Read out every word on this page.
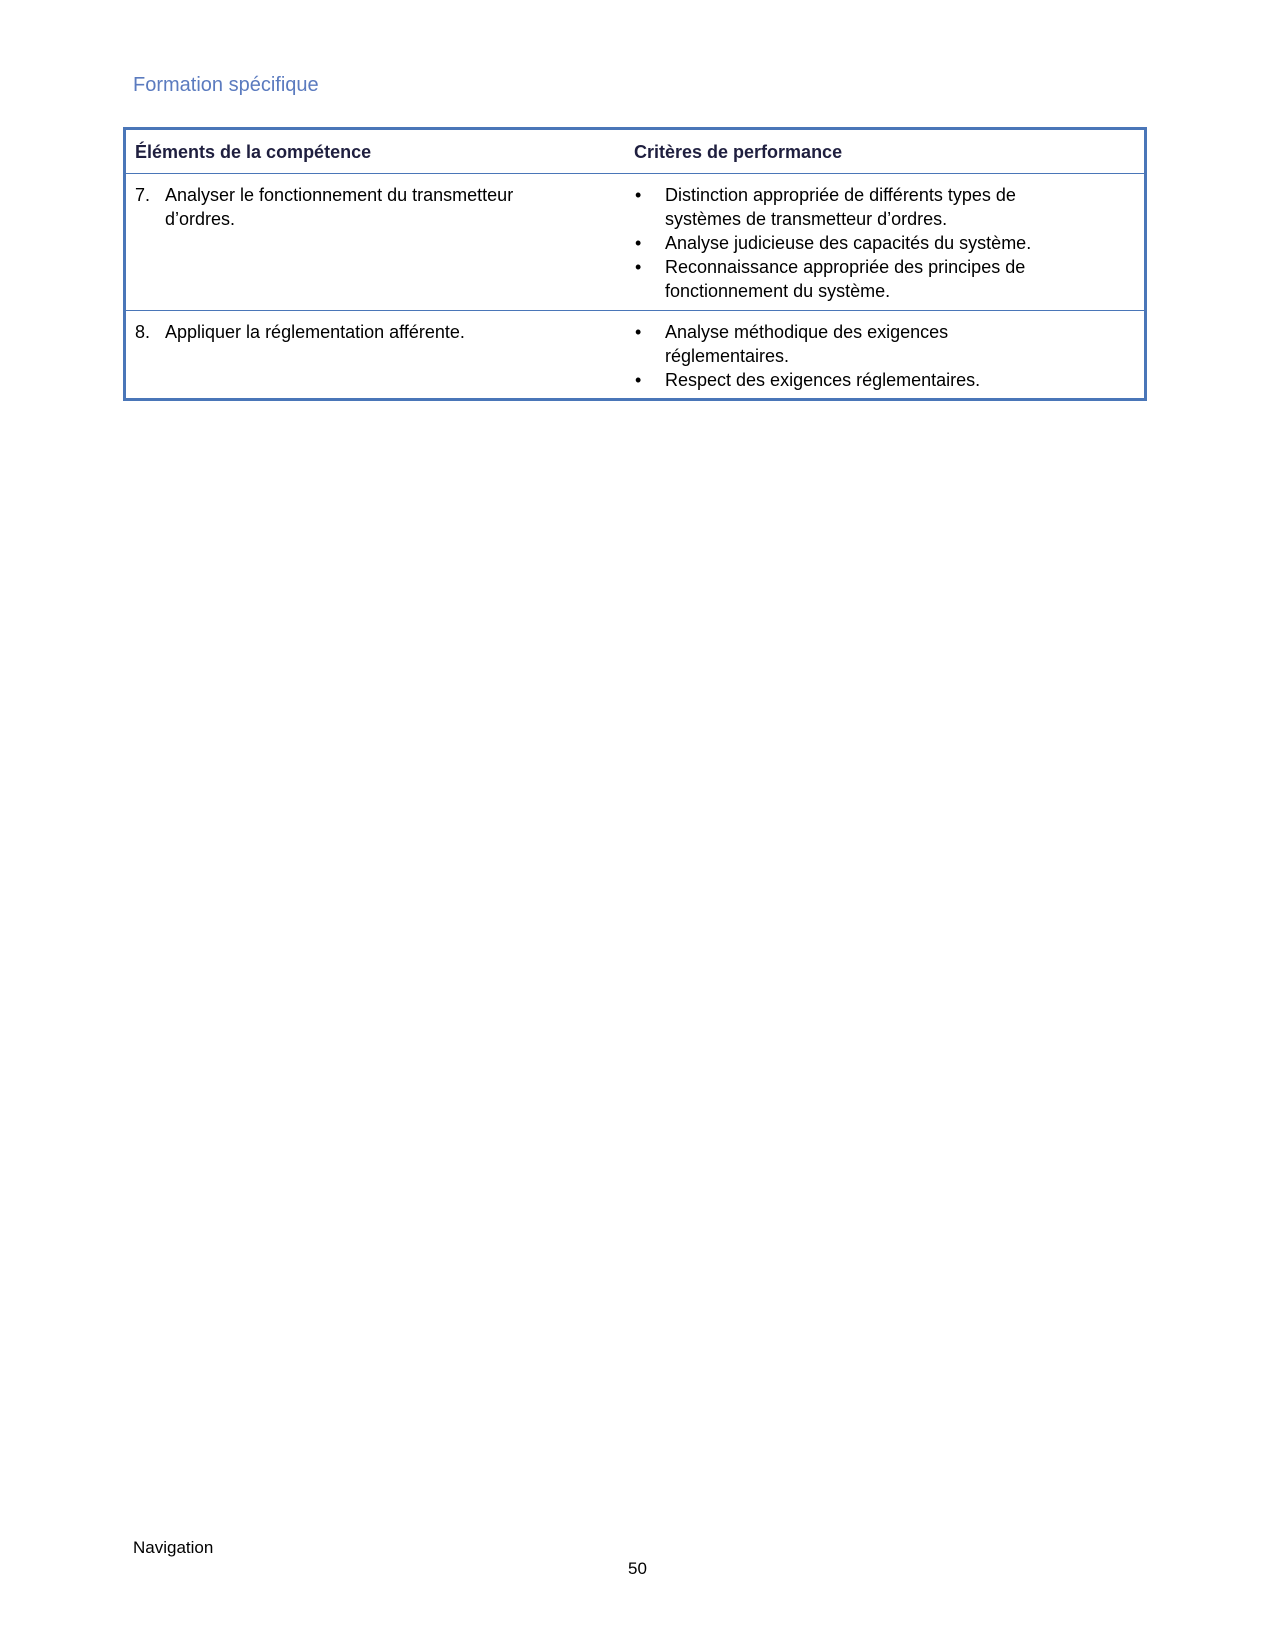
Formation spécifique
Éléments de la compétence	Critères de performance
7. Analyser le fonctionnement du transmetteur d’ordres.
•	Distinction appropriée de différents types de systèmes de transmetteur d’ordres.
•	Analyse judicieuse des capacités du système.
•	Reconnaissance appropriée des principes de fonctionnement du système.
8. Appliquer la réglementation afférente.	•	Analyse méthodique des exigences réglementaires.
•	Respect des exigences réglementaires.
Navigation
50
